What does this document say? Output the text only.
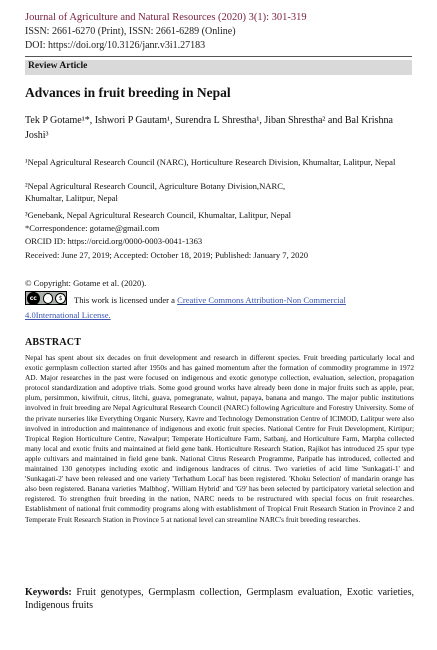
Journal of Agriculture and Natural Resources (2020) 3(1): 301-319
ISSN: 2661-6270 (Print), ISSN: 2661-6289 (Online)
DOI: https://doi.org/10.3126/janr.v3i1.27183
Review Article
Advances in fruit breeding in Nepal
Tek P Gotame¹*, Ishwori P Gautam¹, Surendra L Shrestha¹, Jiban Shrestha² and Bal Krishna Joshi³
¹Nepal Agricultural Research Council (NARC), Horticulture Research Division, Khumaltar, Lalitpur, Nepal
²Nepal Agricultural Research Council, Agriculture Botany Division,NARC, Khumaltar, Lalitpur, Nepal
³Genebank, Nepal Agricultural Research Council, Khumaltar, Lalitpur, Nepal
*Correspondence: gotame@gmail.com
ORCID ID: https://orcid.org/0000-0003-0041-1363
Received: June 27, 2019; Accepted: October 18, 2019; Published: January 7, 2020
© Copyright: Gotame et al. (2020).
cc	$	This work is licensed under a Creative Commons Attribution-Non Commercial
4.0International License.
ABSTRACT
Nepal has spent about six decades on fruit development and research in different species. Fruit breeding particularly local and exotic germplasm collection started after 1950s and has gained momentum after the formation of commodity programme in 1972 AD. Major researches in the past were focused on indigenous and exotic genotype collection, evaluation, selection, propagation protocol standardization and adoptive trials. Some good ground works have already been done in major fruits such as apple, pear, plum, persimmon, kiwifruit, citrus, litchi, guava, pomegranate, walnut, papaya, banana and mango. The major public institutions involved in fruit breeding are Nepal Agricultural Research Council (NARC) following Agriculture and Forestry University. Some of the private nurseries like Everything Organic Nursery, Kavre and Technology Demonstration Centre of ICIMOD, Lalitpur were also involved in introduction and maintenance of indigenous and exotic fruit species. National Centre for Fruit Development, Kirtipur; Tropical Region Horticulture Centre, Nawalpur; Temperate Horticulture Farm, Satbanj, and Horticulture Farm, Marpha collected many local and exotic fruits and maintained at field gene bank. Horticulture Research Station, Rajikot has introduced 25 spur type apple cultivars and maintained in field gene bank. National Citrus Research Programme, Paripatle has introduced, collected and maintained 130 genotypes including exotic and indigenous landraces of citrus. Two varieties of acid lime 'Sunkagati-1' and 'Sunkagati-2' have been released and one variety 'Terhathum Local' has been registered. 'Khoku Selection' of mandarin orange has also been registered. Banana varieties 'Malbhog', 'William Hybrid' and 'G9' has been selected by participatory varietal selection and registered. To strengthen fruit breeding in the nation, NARC needs to be restructured with special focus on fruit researches. Establishment of national fruit commodity programs along with establishment of Tropical Fruit Research Station in Province 2 and Temperate Fruit Research Station in Province 5 at national level can streamline NARC's fruit breeding researches.
Keywords: Fruit genotypes, Germplasm collection, Germplasm evaluation, Exotic varieties, Indigenous fruits
